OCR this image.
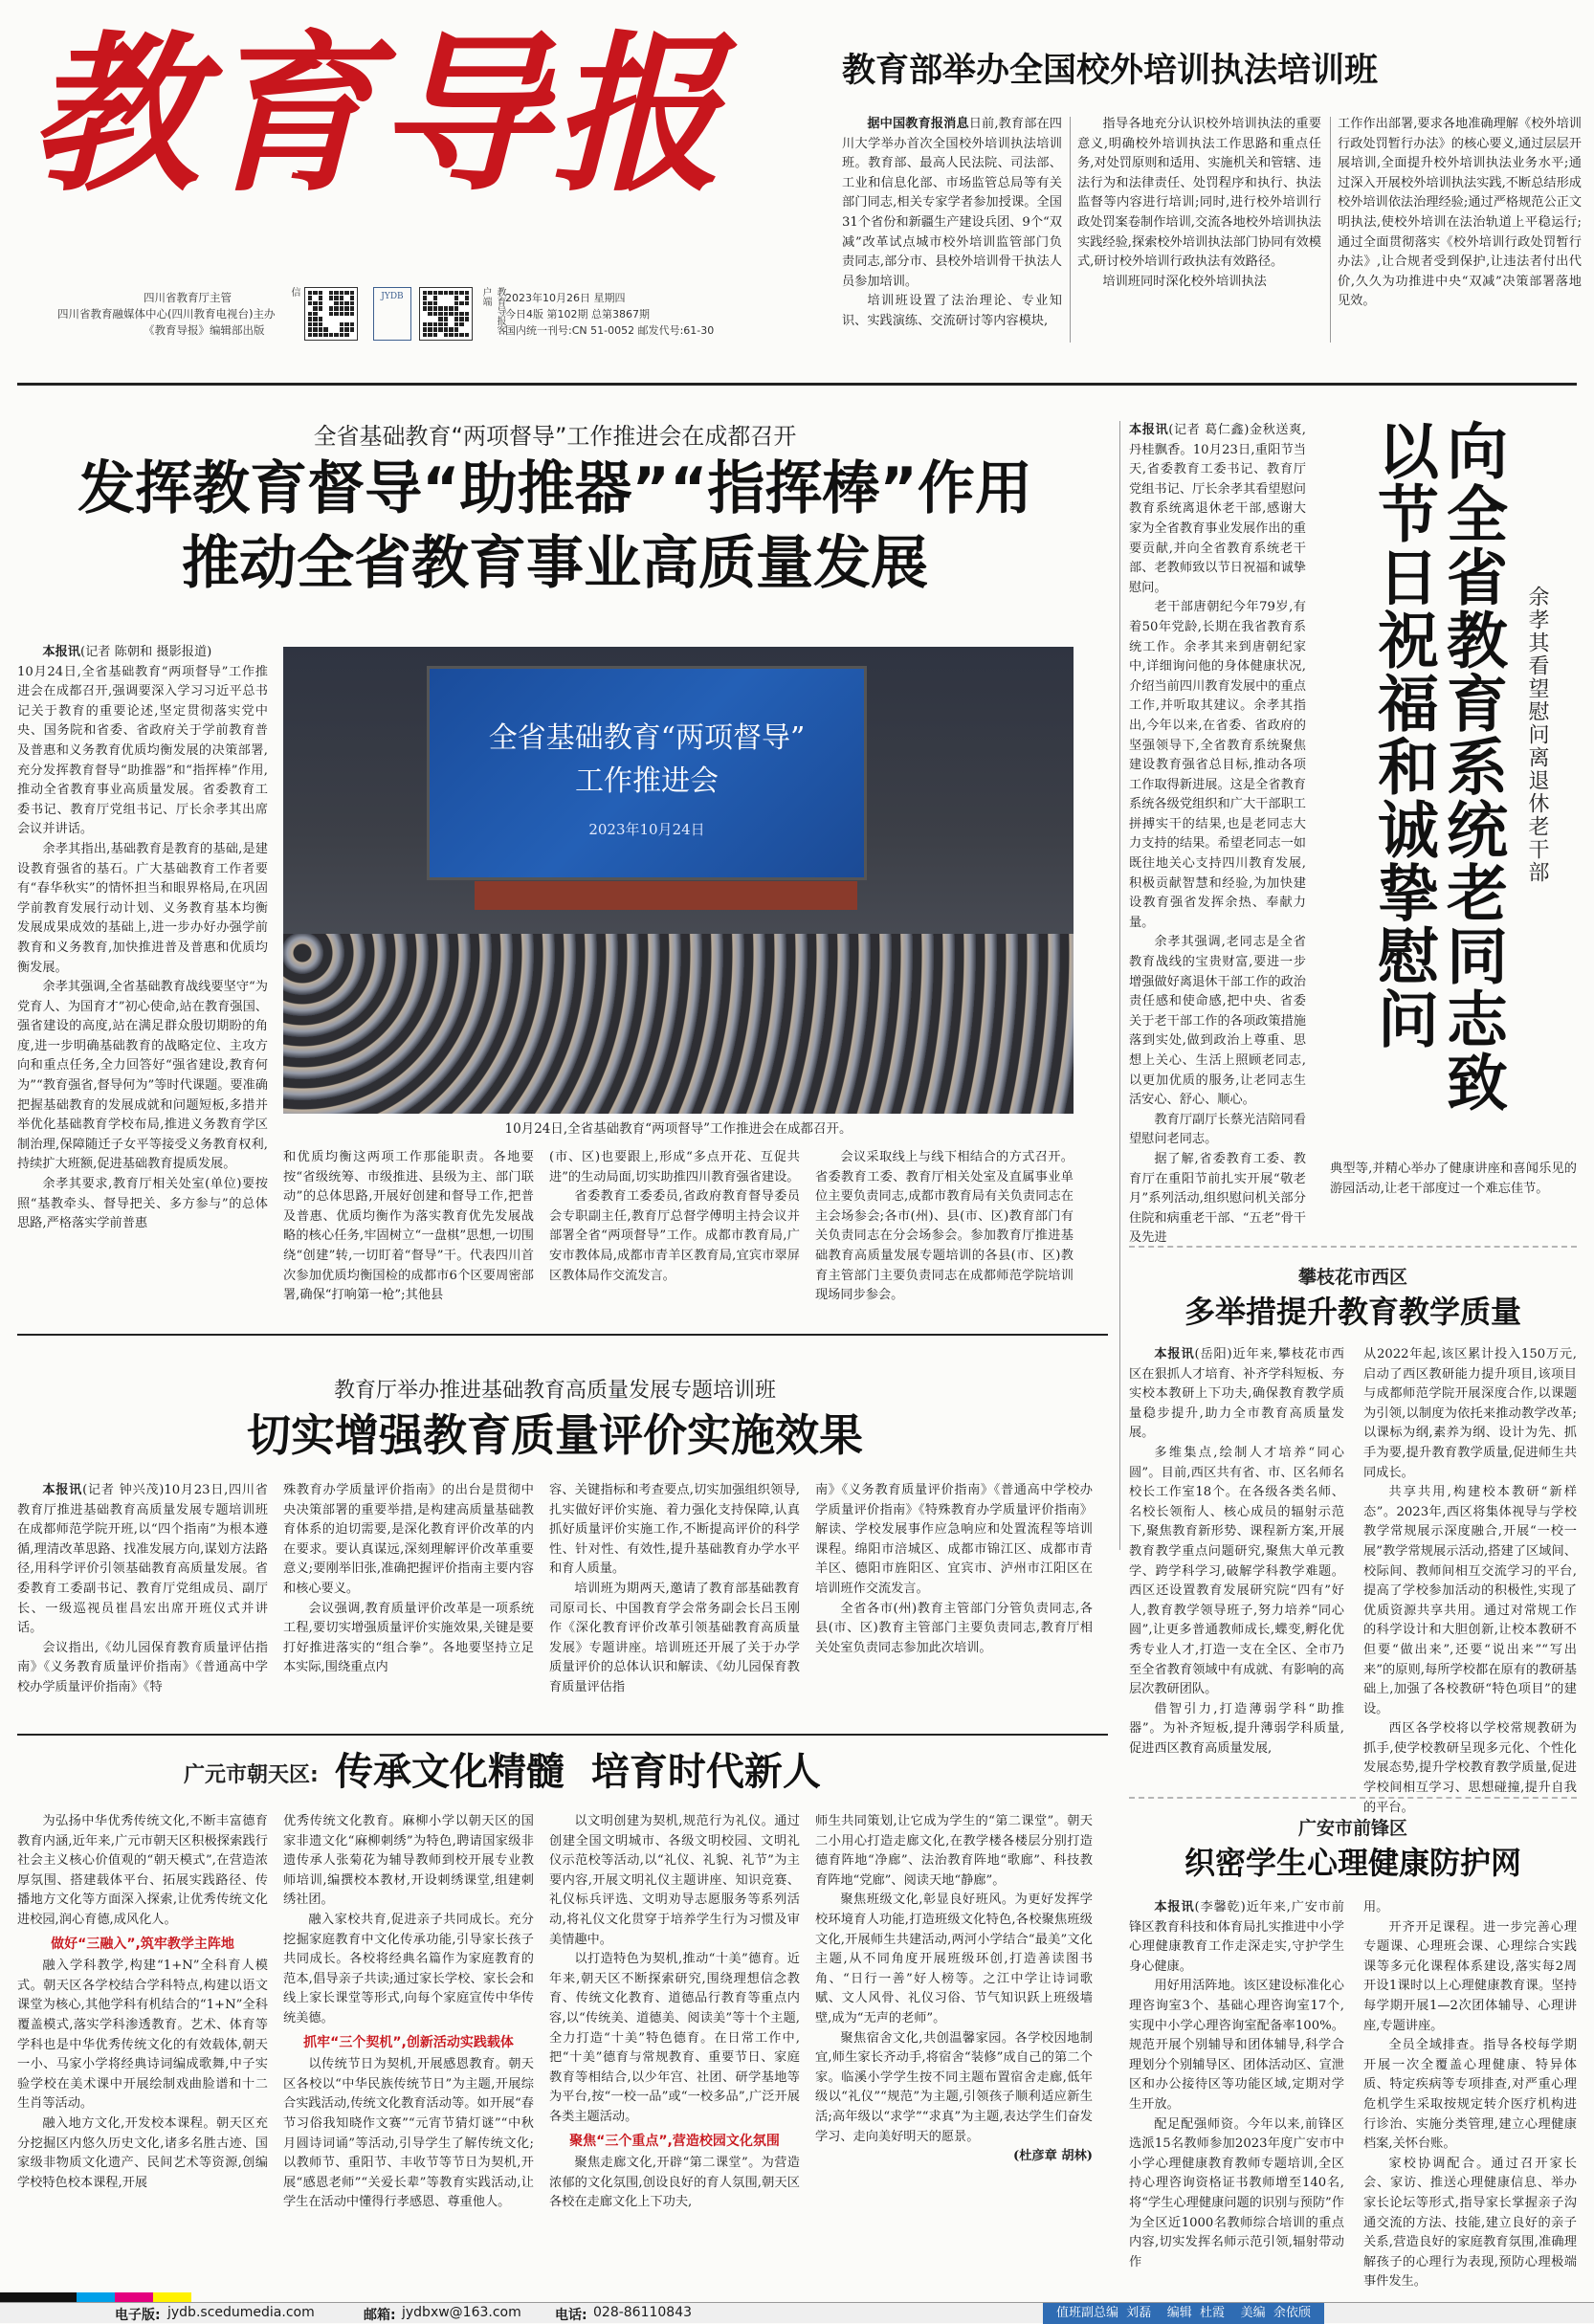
教育导报
四川省教育厅主管
四川省教育融媒体中心(四川教育电视台)主办
《教育导报》编辑部出版
信	JYDB	教育导报客户端	2023年10月26日 星期四
今日4版 第102期 总第3867期
国内统一刊号:CN 51-0052 邮发代号:61-30
教育部举办全国校外培训执法培训班

据中国教育报消息日前,教育部在四川大学举办首次全国校外培训执法培训班。教育部、最高人民法院、司法部、工业和信息化部、市场监管总局等有关部门同志,相关专家学者参加授课。全国31个省份和新疆生产建设兵团、9个“双减”改革试点城市校外培训监管部门负责同志,部分市、县校外培训骨干执法人员参加培训。

培训班设置了法治理论、专业知识、实践演练、交流研讨等内容模块,

指导各地充分认识校外培训执法的重要意义,明确校外培训执法工作思路和重点任务,对处罚原则和适用、实施机关和管辖、违法行为和法律责任、处罚程序和执行、执法监督等内容进行培训;同时,进行校外培训行政处罚案卷制作培训,交流各地校外培训执法实践经验,探索校外培训执法部门协同有效模式,研讨校外培训行政执法有效路径。

培训班同时深化校外培训执法

工作作出部署,要求各地准确理解《校外培训行政处罚暂行办法》的核心要义,通过层层开展培训,全面提升校外培训执法业务水平;通过深入开展校外培训执法实践,不断总结形成校外培训依法治理经验;通过严格规范公正文明执法,使校外培训在法治轨道上平稳运行;通过全面贯彻落实《校外培训行政处罚暂行办法》,让合规者受到保护,让违法者付出代价,久久为功推进中央“双减”决策部署落地见效。

全省基础教育“两项督导”工作推进会在成都召开
发挥教育督导“助推器”“指挥棒”作用
推动全省教育事业高质量发展

本报讯(记者 陈朝和 摄影报道)

10月24日,全省基础教育“两项督导”工作推进会在成都召开,强调要深入学习习近平总书记关于教育的重要论述,坚定贯彻落实党中央、国务院和省委、省政府关于学前教育普及普惠和义务教育优质均衡发展的决策部署,充分发挥教育督导“助推器”和“指挥棒”作用,推动全省教育事业高质量发展。省委教育工委书记、教育厅党组书记、厅长余孝其出席会议并讲话。

余孝其指出,基础教育是教育的基础,是建设教育强省的基石。广大基础教育工作者要有“春华秋实”的情怀担当和眼界格局,在巩固学前教育发展行动计划、义务教育基本均衡发展成果成效的基础上,进一步办好办强学前教育和义务教育,加快推进普及普惠和优质均衡发展。

余孝其强调,全省基础教育战线要坚守“为党育人、为国育才”初心使命,站在教育强国、强省建设的高度,站在满足群众殷切期盼的角度,进一步明确基础教育的战略定位、主攻方向和重点任务,全力回答好“强省建设,教育何为”“教育强省,督导何为”等时代课题。要准确把握基础教育的发展成就和问题短板,多措并举优化基础教育学校布局,推进义务教育学区制治理,保障随迁子女平等接受义务教育权利,持续扩大班额,促进基础教育提质发展。

余孝其要求,教育厅相关处室(单位)要按照“基教牵头、督导把关、多方参与”的总体思路,严格落实学前普惠

全省基础教育“两项督导”
工作推进会
2023年10月24日
10月24日,全省基础教育“两项督导”工作推进会在成都召开。

和优质均衡这两项工作那能职责。各地要按“省级统筹、市级推进、县级为主、部门联动”的总体思路,开展好创建和督导工作,把普及普惠、优质均衡作为落实教育优先发展战略的核心任务,牢固树立“一盘棋”思想,一切围绕“创建”转,一切盯着“督导”干。代表四川首次参加优质均衡国检的成都市6个区要周密部署,确保“打响第一枪”;其他县

(市、区)也要跟上,形成“多点开花、互促共进”的生动局面,切实助推四川教育强省建设。

省委教育工委委员,省政府教育督导委员会专职副主任,教育厅总督学傅明主持会议并部署全省“两项督导”工作。成都市教育局,广安市教体局,成都市青羊区教育局,宜宾市翠屏区教体局作交流发言。

会议采取线上与线下相结合的方式召开。省委教育工委、教育厅相关处室及直属事业单位主要负责同志,成都市教育局有关负责同志在主会场参会;各市(州)、县(市、区)教育部门有关负责同志在分会场参会。参加教育厅推进基础教育高质量发展专题培训的各县(市、区)教育主管部门主要负责同志在成都师范学院培训现场同步参会。

本报讯(记者 葛仁鑫)金秋送爽,丹桂飘香。10月23日,重阳节当天,省委教育工委书记、教育厅党组书记、厅长余孝其看望慰问教育系统离退休老干部,感谢大家为全省教育事业发展作出的重要贡献,并向全省教育系统老干部、老教师致以节日祝福和诚挚慰问。

老干部唐朝纪今年79岁,有着50年党龄,长期在我省教育系统工作。余孝其来到唐朝纪家中,详细询问他的身体健康状况,介绍当前四川教育发展中的重点工作,并听取其建议。余孝其指出,今年以来,在省委、省政府的坚强领导下,全省教育系统聚焦建设教育强省总目标,推动各项工作取得新进展。这是全省教育系统各级党组织和广大干部职工拼搏实干的结果,也是老同志大力支持的结果。希望老同志一如既往地关心支持四川教育发展,积极贡献智慧和经验,为加快建设教育强省发挥余热、奉献力量。

余孝其强调,老同志是全省教育战线的宝贵财富,要进一步增强做好离退休干部工作的政治责任感和使命感,把中央、省委关于老干部工作的各项政策措施落到实处,做到政治上尊重、思想上关心、生活上照顾老同志,以更加优质的服务,让老同志生活安心、舒心、顺心。

教育厅副厅长蔡光洁陪同看望慰问老同志。

据了解,省委教育工委、教育厅在重阳节前扎实开展“敬老月”系列活动,组织慰问机关部分住院和病重老干部、“五老”骨干及先进

向全省教育系统老同志致以节日祝福和诚挚慰问	余孝其看望慰问离退休老干部

典型等,并精心举办了健康讲座和喜闻乐见的游园活动,让老干部度过一个难忘佳节。

攀枝花市西区
多举措提升教育教学质量

本报讯(岳阳)近年来,攀枝花市西区在狠抓人才培育、补齐学科短板、夯实校本教研上下功夫,确保教育教学质量稳步提升,助力全市教育高质量发展。

多维集点,绘制人才培养“同心圆”。目前,西区共有省、市、区名师名校长工作室18个。在各级各类名师、名校长领衔人、核心成员的辐射示范下,聚焦教育新形势、课程新方案,开展教育教学重点问题研究,聚焦大单元教学、跨学科学习,破解学科教学难题。西区还设置教育发展研究院“四有”好人,教育教学领导班子,努力培养“同心圆”,让更多普通教师成长,蝶变,孵化优秀专业人才,打造一支在全区、全市乃至全省教育领域中有成就、有影响的高层次教研团队。

借智引力,打造薄弱学科“助推器”。为补齐短板,提升薄弱学科质量,促进西区教育高质量发展,

从2022年起,该区累计投入150万元,启动了西区教研能力提升项目,该项目与成都师范学院开展深度合作,以课题为引领,以制度为依托来推动教学改革;以课标为纲,素养为纲、设计为先、抓手为要,提升教育教学质量,促进师生共同成长。

共享共用,构建校本教研“新样态”。2023年,西区将集体视导与学校教学常规展示深度融合,开展“一校一展”教学常规展示活动,搭建了区域间、校际间、教师间相互交流学习的平台,提高了学校参加活动的积极性,实现了优质资源共享共用。通过对常规工作的科学设计和大胆创新,让校本教研不但要“做出来”,还要“说出来”“写出来”的原则,每所学校都在原有的教研基础上,加强了各校教研“特色项目”的建设。

西区各学校将以学校常规教研为抓手,使学校教研呈现多元化、个性化发展态势,提升学校教育教学质量,促进学校间相互学习、思想碰撞,提升自我的平台。

教育厅举办推进基础教育高质量发展专题培训班
切实增强教育质量评价实施效果

本报讯(记者 钟兴茂)10月23日,四川省教育厅推进基础教育高质量发展专题培训班在成都师范学院开班,以“四个指南”为根本遵循,理清改革思路、找准发展方向,谋划方法路径,用科学评价引领基础教育高质量发展。省委教育工委副书记、教育厅党组成员、副厅长、一级巡视员崔昌宏出席开班仪式并讲话。

会议指出,《幼儿园保育教育质量评估指南》《义务教育质量评价指南》《普通高中学校办学质量评价指南》《特

殊教育办学质量评价指南》的出台是贯彻中央决策部署的重要举措,是构建高质量基础教育体系的迫切需要,是深化教育评价改革的内在要求。要认真谋远,深刻理解评价改革重要意义;要刚举旧张,准确把握评价指南主要内容和核心要义。

会议强调,教育质量评价改革是一项系统工程,要切实增强质量评价实施效果,关键是要打好推进落实的“组合拳”。各地要坚持立足本实际,围绕重点内

容、关键指标和考查要点,切实加强组织领导,扎实做好评价实施、着力强化支持保障,认真抓好质量评价实施工作,不断提高评价的科学性、针对性、有效性,提升基础教育办学水平和育人质量。

培训班为期两天,邀请了教育部基础教育司原司长、中国教育学会常务副会长吕玉刚作《深化教育评价改革引领基础教育高质量发展》专题讲座。培训班还开展了关于办学质量评价的总体认识和解读、《幼儿园保育教育质量评估指

南》《义务教育质量评价指南》《普通高中学校办学质量评价指南》《特殊教育办学质量评价指南》解读、学校发展事作应急响应和处置流程等培训课程。绵阳市涪城区、成都市锦江区、成都市青羊区、德阳市旌阳区、宜宾市、泸州市江阳区在培训班作交流发言。

全省各市(州)教育主管部门分管负责同志,各县(市、区)教育主管部门主要负责同志,教育厅相关处室负责同志参加此次培训。

广元市朝天区: 传承文化精髓  培育时代新人

为弘扬中华优秀传统文化,不断丰富德育教育内涵,近年来,广元市朝天区积极探索践行社会主义核心价值观的“朝天模式”,在营造浓厚氛围、搭建载体平台、拓展实践路径、传播地方文化等方面深入探索,让优秀传统文化进校园,润心育德,成风化人。

做好“三融入”,筑牢教学主阵地

融入学科教学,构建“1+N”全科育人模式。朝天区各学校结合学科特点,构建以语文课堂为核心,其他学科有机结合的“1+N”全科覆盖模式,落实学科渗透教育。艺术、体育等学科也是中华优秀传统文化的有效载体,朝天一小、马家小学将经典诗词编成歌舞,中子实验学校在美术课中开展绘制戏曲脸谱和十二生肖等活动。

融入地方文化,开发校本课程。朝天区充分挖掘区内悠久历史文化,诸多名胜古迹、国家级非物质文化遗产、民间艺术等资源,创编学校特色校本课程,开展

优秀传统文化教育。麻柳小学以朝天区的国家非遗文化“麻柳刺绣”为特色,聘请国家级非遗传承人张菊花为辅导教师到校开展专业教师培训,编撰校本教材,开设刺绣课堂,组建刺绣社团。

融入家校共育,促进亲子共同成长。充分挖掘家庭教育中文化传承功能,引导家长孩子共同成长。各校将经典名篇作为家庭教育的范本,倡导亲子共读;通过家长学校、家长会和线上家长课堂等形式,向每个家庭宣传中华传统美德。

抓牢“三个契机”,创新活动实践载体

以传统节日为契机,开展感恩教育。朝天区各校以“中华民族传统节日”为主题,开展综合实践活动,传统文化教育活动等。如开展“春节习俗我知晓作文赛”“元宵节猜灯谜”“中秋月圆诗词诵”等活动,引导学生了解传统文化;以教师节、重阳节、丰收节等节日为契机,开展“感恩老师”“关爱长辈”等教育实践活动,让学生在活动中懂得行孝感恩、尊重他人。

以文明创建为契机,规范行为礼仪。通过创建全国文明城市、各级文明校园、文明礼仪示范校等活动,以“礼仪、礼貌、礼节”为主要内容,开展文明礼仪主题讲座、知识竞赛、礼仪标兵评选、文明劝导志愿服务等系列活动,将礼仪文化贯穿于培养学生行为习惯及审美情趣中。

以打造特色为契机,推动“十美”德育。近年来,朝天区不断探索研究,围绕理想信念教育、传统文化教育、道德品行教育等重点内容,以“传统美、道德美、阅读美”等十个主题,全力打造“十美”特色德育。在日常工作中,把“十美”德育与常规教育、重要节日、家庭教育等相结合,以少年宫、社团、研学基地等为平台,按“一校一品”或“一校多品”,广泛开展各类主题活动。

聚焦“三个重点”,营造校园文化氛围

聚焦走廊文化,开辟“第二课堂”。为营造浓郁的文化氛围,创设良好的育人氛围,朝天区各校在走廊文化上下功夫,

师生共同策划,让它成为学生的“第二课堂”。朝天二小用心打造走廊文化,在教学楼各楼层分别打造德育阵地“净廊”、法治教育阵地“歌廊”、科技教育阵地“党廊”、阅读天地“静廊”。

聚焦班级文化,彰显良好班风。为更好发挥学校环境育人功能,打造班级文化特色,各校聚焦班级文化,开展师生共建活动,两河小学结合“最美”文化主题,从不同角度开展班级环创,打造善读图书角、“日行一善”好人榜等。之江中学让诗词歌赋、文人风骨、礼仪习俗、节气知识跃上班级墙壁,成为“无声的老师”。

聚焦宿舍文化,共创温馨家园。各学校因地制宜,师生家长齐动手,将宿舍“装修”成自己的第二个家。临溪小学学生按不同主题布置宿舍走廊,低年级以“礼仪”“规范”为主题,引领孩子顺利适应新生活;高年级以“求学”“求真”为主题,表达学生们奋发学习、走向美好明天的愿景。

(杜彦章 胡林)

广安市前锋区
织密学生心理健康防护网

本报讯(李馨乾)近年来,广安市前锋区教育科技和体育局扎实推进中小学心理健康教育工作走深走实,守护学生身心健康。

用好用活阵地。该区建设标准化心理咨询室3个、基础心理咨询室17个,实现中小学心理咨询室配备率100%。规范开展个别辅导和团体辅导,科学合理划分个别辅导区、团体活动区、宣泄区和办公接待区等功能区域,定期对学生开放。

配足配强师资。今年以来,前锋区选派15名教师参加2023年度广安市中小学心理健康教育教师专题培训,全区持心理咨询资格证书教师增至140名,将“学生心理健康问题的识别与预防”作为全区近1000名教师综合培训的重点内容,切实发挥名师示范引领,辐射带动作

用。

开齐开足课程。进一步完善心理专题课、心理班会课、心理综合实践课等多元化课程体系建设,落实每2周开设1课时以上心理健康教育课。坚持每学期开展1—2次团体辅导、心理讲座,专题讲座。

全员全域排查。指导各校每学期开展一次全覆盖心理健康、特异体质、特定疾病等专项排查,对严重心理危机学生采取按规定转介医疗机构进行诊治、实施分类管理,建立心理健康档案,关怀台账。

家校协调配合。通过召开家长会、家访、推送心理健康信息、举办家长论坛等形式,指导家长掌握亲子沟通交流的方法、技能,建立良好的亲子关系,营造良好的家庭教育氛围,准确理解孩子的心理行为表现,预防心理极端事件发生。

电子版: jydb.scedumedia.com	邮箱: jydbxw@163.com	电话: 028-86110843	值班副总编  刘磊    编辑  杜霞    美编  余依颀
